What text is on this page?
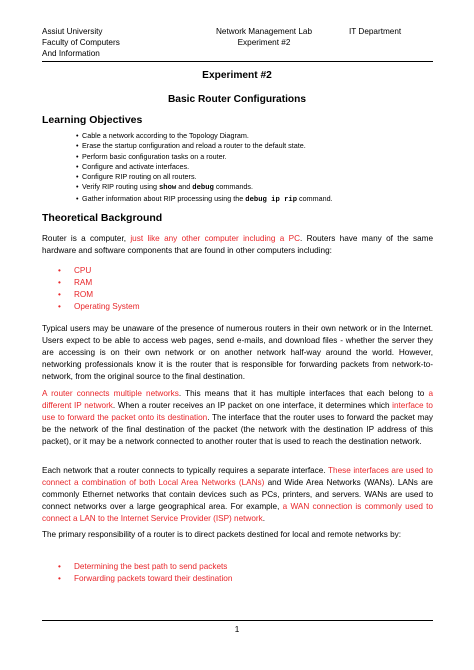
Assiut University
Faculty of Computers
And Information
Network Management Lab
Experiment #2
IT Department
Experiment #2
Basic Router Configurations
Learning Objectives
• Cable a network according to the Topology Diagram.
• Erase the startup configuration and reload a router to the default state.
• Perform basic configuration tasks on a router.
• Configure and activate interfaces.
• Configure RIP routing on all routers.
• Verify RIP routing using show and debug commands.
• Gather information about RIP processing using the debug ip rip command.
Theoretical Background

Router is a computer, just like any other computer including a PC. Routers have many of the same hardware and software components that are found in other computers including:

• CPU
• RAM
• ROM
• Operating System

Typical users may be unaware of the presence of numerous routers in their own network or in the Internet. Users expect to be able to access web pages, send e-mails, and download files - whether the server they are accessing is on their own network or on another network half-way around the world. However, networking professionals know it is the router that is responsible for forwarding packets from network-to-network, from the original source to the final destination.

A router connects multiple networks. This means that it has multiple interfaces that each belong to a different IP network. When a router receives an IP packet on one interface, it determines which interface to use to forward the packet onto its destination. The interface that the router uses to forward the packet may be the network of the final destination of the packet (the network with the destination IP address of this packet), or it may be a network connected to another router that is used to reach the destination network.

Each network that a router connects to typically requires a separate interface. These interfaces are used to connect a combination of both Local Area Networks (LANs) and Wide Area Networks (WANs). LANs are commonly Ethernet networks that contain devices such as PCs, printers, and servers. WANs are used to connect networks over a large geographical area. For example, a WAN connection is commonly used to connect a LAN to the Internet Service Provider (ISP) network.

The primary responsibility of a router is to direct packets destined for local and remote networks by:

• Determining the best path to send packets
• Forwarding packets toward their destination
1
